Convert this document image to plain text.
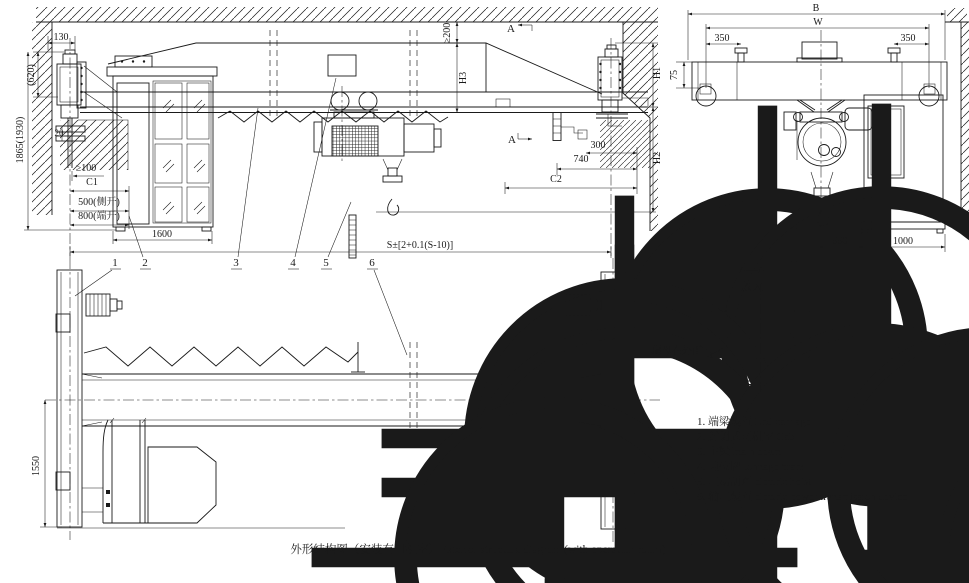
A
A
130
(620)
1865(1930)	20
≥100
C1
500(侧开)
800(端开)
1600
S±[2+0.1(S-10)]
≥200
H3
300
740
C2
H1
H2
B
W
350	350
75
550	1000
1550
1 2	3	4	5	6
A—A
放大
螺母在外面
1. 端梁装置 End carriage
2. 封闭式司机室 Cab
3. 主梁 main beam
4. 吨位牌 tonnage brand
5. 电动葫芦 electric hoist
6. 输电装置 electric power transmission device
外形结构图（安装有司机室）Exterior structure diagram (with operation room)
